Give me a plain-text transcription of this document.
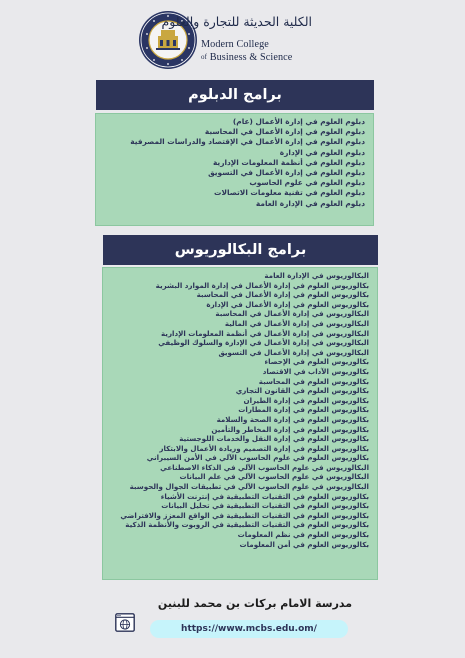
الكلية الحديثة للتجارة والعلوم
Modern College
of Business & Science
برامج الدبلوم
دبلوم العلوم في إدارة الأعمال (عام)
دبلوم العلوم في إدارة الأعمال في المحاسبة
دبلوم العلوم في إدارة الأعمال في الإقتصاد والدراسات المصرفية
دبلوم العلوم في الإدارة
دبلوم العلوم في أنظمة المعلومات الإدارية
دبلوم العلوم في إدارة الأعمال في التسويق
دبلوم العلوم في علوم الحاسوب
دبلوم العلوم في تقنية معلومات الاتصالات
دبلوم العلوم في الإدارة العامة
برامج البكالوريوس
البكالوريوس في الإدارة العامة
بكالوريوس العلوم في إدارة الأعمال في إدارة الموارد البشرية
بكالوريوس العلوم في إدارة الأعمال في المحاسبة
بكالوريوس العلوم في إدارة الأعمال في الإدارة
البكالوريوس في إدارة الأعمال في المحاسبة
البكالوريوس في إدارة الأعمال في المالية
البكالوريوس في إدارة الأعمال في أنظمة المعلومات الإدارية
البكالوريوس في إدارة الأعمال في الإدارة والسلوك الوظيفي
البكالوريوس في إدارة الأعمال في التسويق
بكالوريوس العلوم في الإحصاء
بكالوريوس الآداب في الاقتصاد
بكالوريوس العلوم في المحاسبة
بكالوريوس العلوم في القانون التجاري
بكالوريوس العلوم في إدارة الطيران
بكالوريوس العلوم في إدارة المطارات
بكالوريوس العلوم في إدارة الصحة والسلامة
بكالوريوس العلوم في إدارة المخاطر والتأمين
بكالوريوس العلوم في إدارة النقل والخدمات اللوجستية
بكالوريوس العلوم في إدارة التصميم وريادة الأعمال والابتكار
بكالوريوس العلوم في علوم الحاسوب الآلي في الأمن السيبراني
البكالوريوس في علوم الحاسوب الآلي في الذكاء الاصطناعي
البكالوريوس في علوم الحاسوب الآلي في علم البيانات
البكالوريوس في علوم الحاسوب الآلي في تطبيقات الجوال والحوسبة
بكالوريوس العلوم في التقنيات التطبيقية في إنترنت الأشياء
بكالوريوس العلوم في التقنيات التطبيقية في تحليل البيانات
بكالوريوس العلوم في التقنيات التطبيقية في الواقع المعزز والافتراضي
بكالوريوس العلوم في التقنيات التطبيقية في الروبوت والأنظمة الذكية
بكالوريوس العلوم في نظم المعلومات
بكالوريوس العلوم في أمن المعلومات
مدرسة الامام بركات بن محمد للبنين
https://www.mcbs.edu.om/
